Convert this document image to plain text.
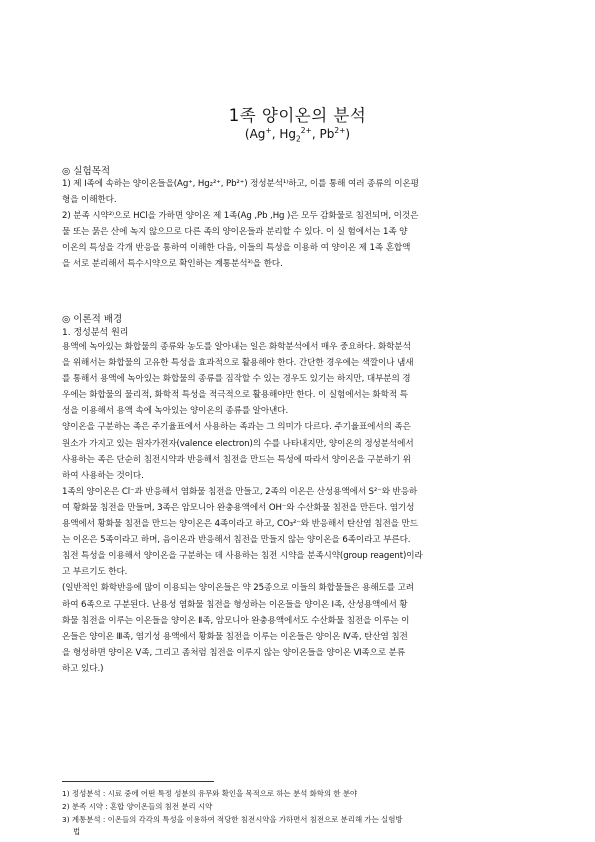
1족 양이온의 분석
(Ag+, $Hg_2^{2+}$, $Pb^{2+}$)
◎ 실험목적
1) 제 Ⅰ족에 속하는 양이온들을(Ag⁺, Hg₂²⁺, Pb²⁺) 정성분석¹⁾하고, 이를 통해 여러 종류의 이온평
형을 이해한다.
2) 분족 시약²⁾으로 HCl을 가하면 양이온 제 1족(Ag ,Pb ,Hg )은 모두 감화물로 침전되며, 이것은
물 또는 묽은 산에 녹지 않으므로 다른 족의 양이온들과 분리할 수 있다. 이 실 험에서는 1족 양
이온의 특성을 각개 반응을 통하여 이해한 다음, 이들의 특성을 이용하 여 양이온 제 1족 혼합액
을 서로 분리해서 특수시약으로 확인하는 계통분석³⁾을 한다.
◎ 이론적 배경
1. 정성분석 원리
용액에 녹아있는 화합물의 종류와 농도를 알아내는 일은 화학분석에서 매우 중요하다. 화학분석
을 위해서는 화합물의 고유한 특성을 효과적으로 활용해야 한다. 간단한 경우에는 색깔이나 냄새
를 통해서 용액에 녹아있는 화합물의 종류를 짐작할 수 있는 경우도 있기는 하지만, 대부분의 경
우에는 화합물의 물리적, 화학적 특성을 적극적으로 활용해야만 한다. 이 실험에서는 화학적 특
성을 이용해서 용액 속에 녹아있는 양이온의 종류를 알아낸다.
양이온을 구분하는 족은 주기율표에서 사용하는 족과는 그 의미가 다르다. 주기율표에서의 족은
원소가 가지고 있는 원자가전자(valence electron)의 수를 나타내지만, 양이온의 정성분석에서
사용하는 족은 단순히 침전시약과 반응해서 침전을 만드는 특성에 따라서 양이온을 구분하기 위
하여 사용하는 것이다.
1족의 양이온은 Cl⁻과 반응해서 염화물 침전을 만들고, 2족의 이온은 산성용액에서 S²⁻와 반응하
여 황화물 침전을 만들며, 3족은 암모니아 완충용액에서 OH⁻와 수산화물 침전을 만든다. 염기성
용액에서 황화물 침전을 만드는 양이온은 4족이라고 하고, CO₃²⁻와 반응해서 탄산염 침전을 만드
는 이온은 5족이라고 하며, 음이온과 반응해서 침전을 만들지 않는 양이온을 6족이라고 부른다.
침전 특성을 이용해서 양이온을 구분하는 데 사용하는 침전 시약을 분족시약(group reagent)이라
고 부르기도 한다.
(일반적인 화학반응에 많이 이용되는 양이온들은 약 25종으로 이들의 화합물들은 용해도를 고려
하여 6족으로 구분된다. 난용성 염화물 침전을 형성하는 이온들을 양이온 Ⅰ족, 산성용액에서 황
화물 침전을 이루는 이온들을 양이온 Ⅱ족, 암모니아 완충용액에서도 수산화물 침전을 이루는 이
온들은 양이온 Ⅲ족, 염기성 용액에서 황화물 침전을 이루는 이온들은 양이온 Ⅳ족, 탄산염 침전
을 형성하면 양이온 Ⅴ족, 그리고 좀처럼 침전을 이루지 않는 양이온들을 양이온 Ⅵ족으로 분류
하고 있다.)
1) 정성분석 : 시료 중에 어떤 특정 성분의 유무와 확인을 목적으로 하는 분석 화학의 한 분야
2) 분족 시약 : 혼합 양이온들의 침전 분리 시약
3) 계통분석 : 이온들의 각각의 특성을 이용하여 적당한 침전시약을 가하면서 침전으로 분리해 가는 실험방
법
